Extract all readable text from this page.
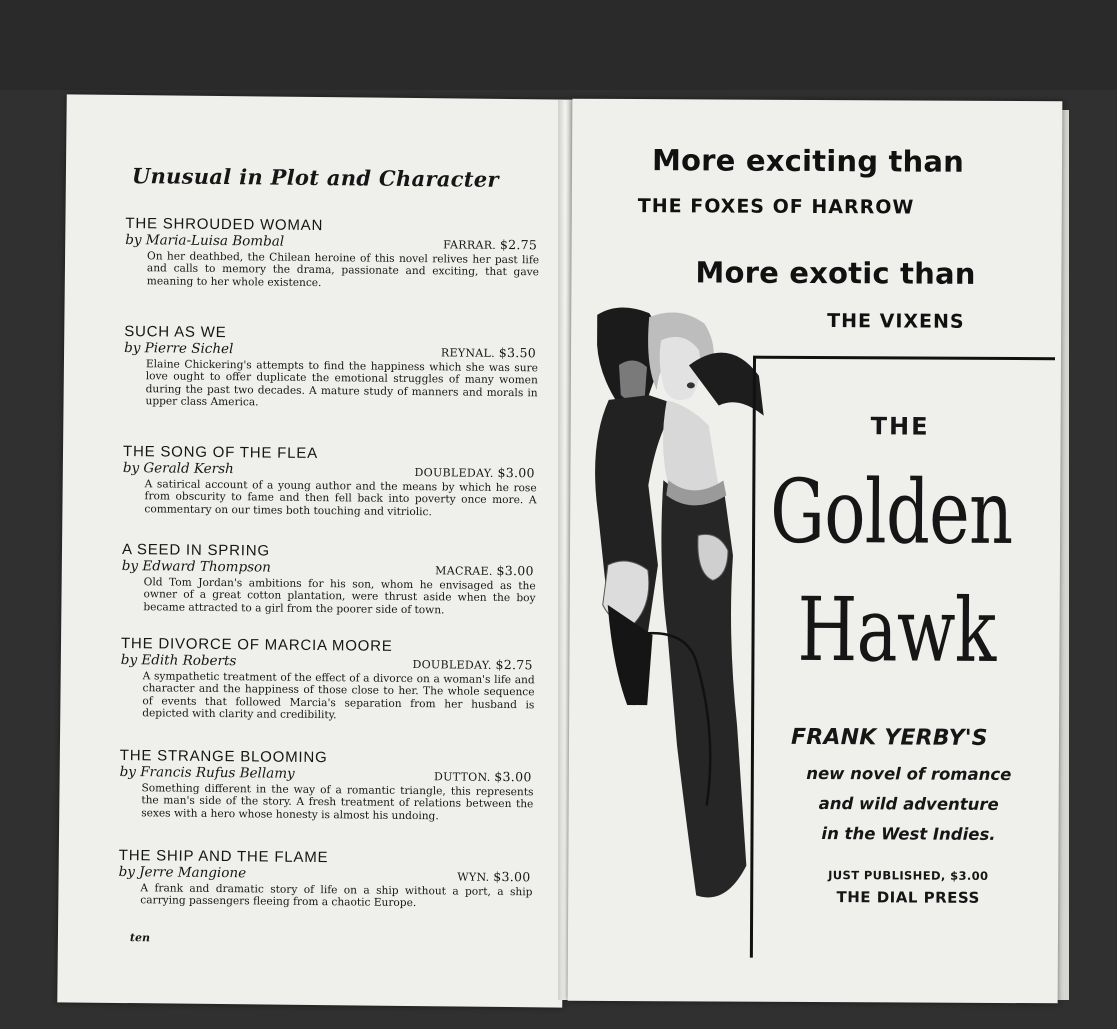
Unusual in Plot and Character
THE SHROUDED WOMAN
by Maria-Luisa Bombal	FARRAR. $2.75
On her deathbed, the Chilean heroine of this novel relives her past life and calls to memory the drama, passionate and exciting, that gave meaning to her whole existence.
SUCH AS WE
by Pierre Sichel	REYNAL. $3.50
Elaine Chickering's attempts to find the happiness which she was sure love ought to offer duplicate the emotional struggles of many women during the past two decades. A mature study of manners and morals in upper class America.
THE SONG OF THE FLEA
by Gerald Kersh	DOUBLEDAY. $3.00
A satirical account of a young author and the means by which he rose from obscurity to fame and then fell back into poverty once more. A commentary on our times both touching and vitriolic.
A SEED IN SPRING
by Edward Thompson	MACRAE. $3.00
Old Tom Jordan's ambitions for his son, whom he envisaged as the owner of a great cotton plantation, were thrust aside when the boy became attracted to a girl from the poorer side of town.
THE DIVORCE OF MARCIA MOORE
by Edith Roberts	DOUBLEDAY. $2.75
A sympathetic treatment of the effect of a divorce on a woman's life and character and the happiness of those close to her. The whole sequence of events that followed Marcia's separation from her husband is depicted with clarity and credibility.
THE STRANGE BLOOMING
by Francis Rufus Bellamy	DUTTON. $3.00
Something different in the way of a romantic triangle, this represents the man's side of the story. A fresh treatment of relations between the sexes with a hero whose honesty is almost his undoing.
THE SHIP AND THE FLAME
by Jerre Mangione	WYN. $3.00
A frank and dramatic story of life on a ship without a port, a ship carrying passengers fleeing from a chaotic Europe.
ten
More exciting than
THE FOXES OF HARROW
More exotic than
THE VIXENS
THE
Golden
Hawk
FRANK YERBY'S
new novel of romance
and wild adventure
in the West Indies.
JUST PUBLISHED, $3.00
THE DIAL PRESS
